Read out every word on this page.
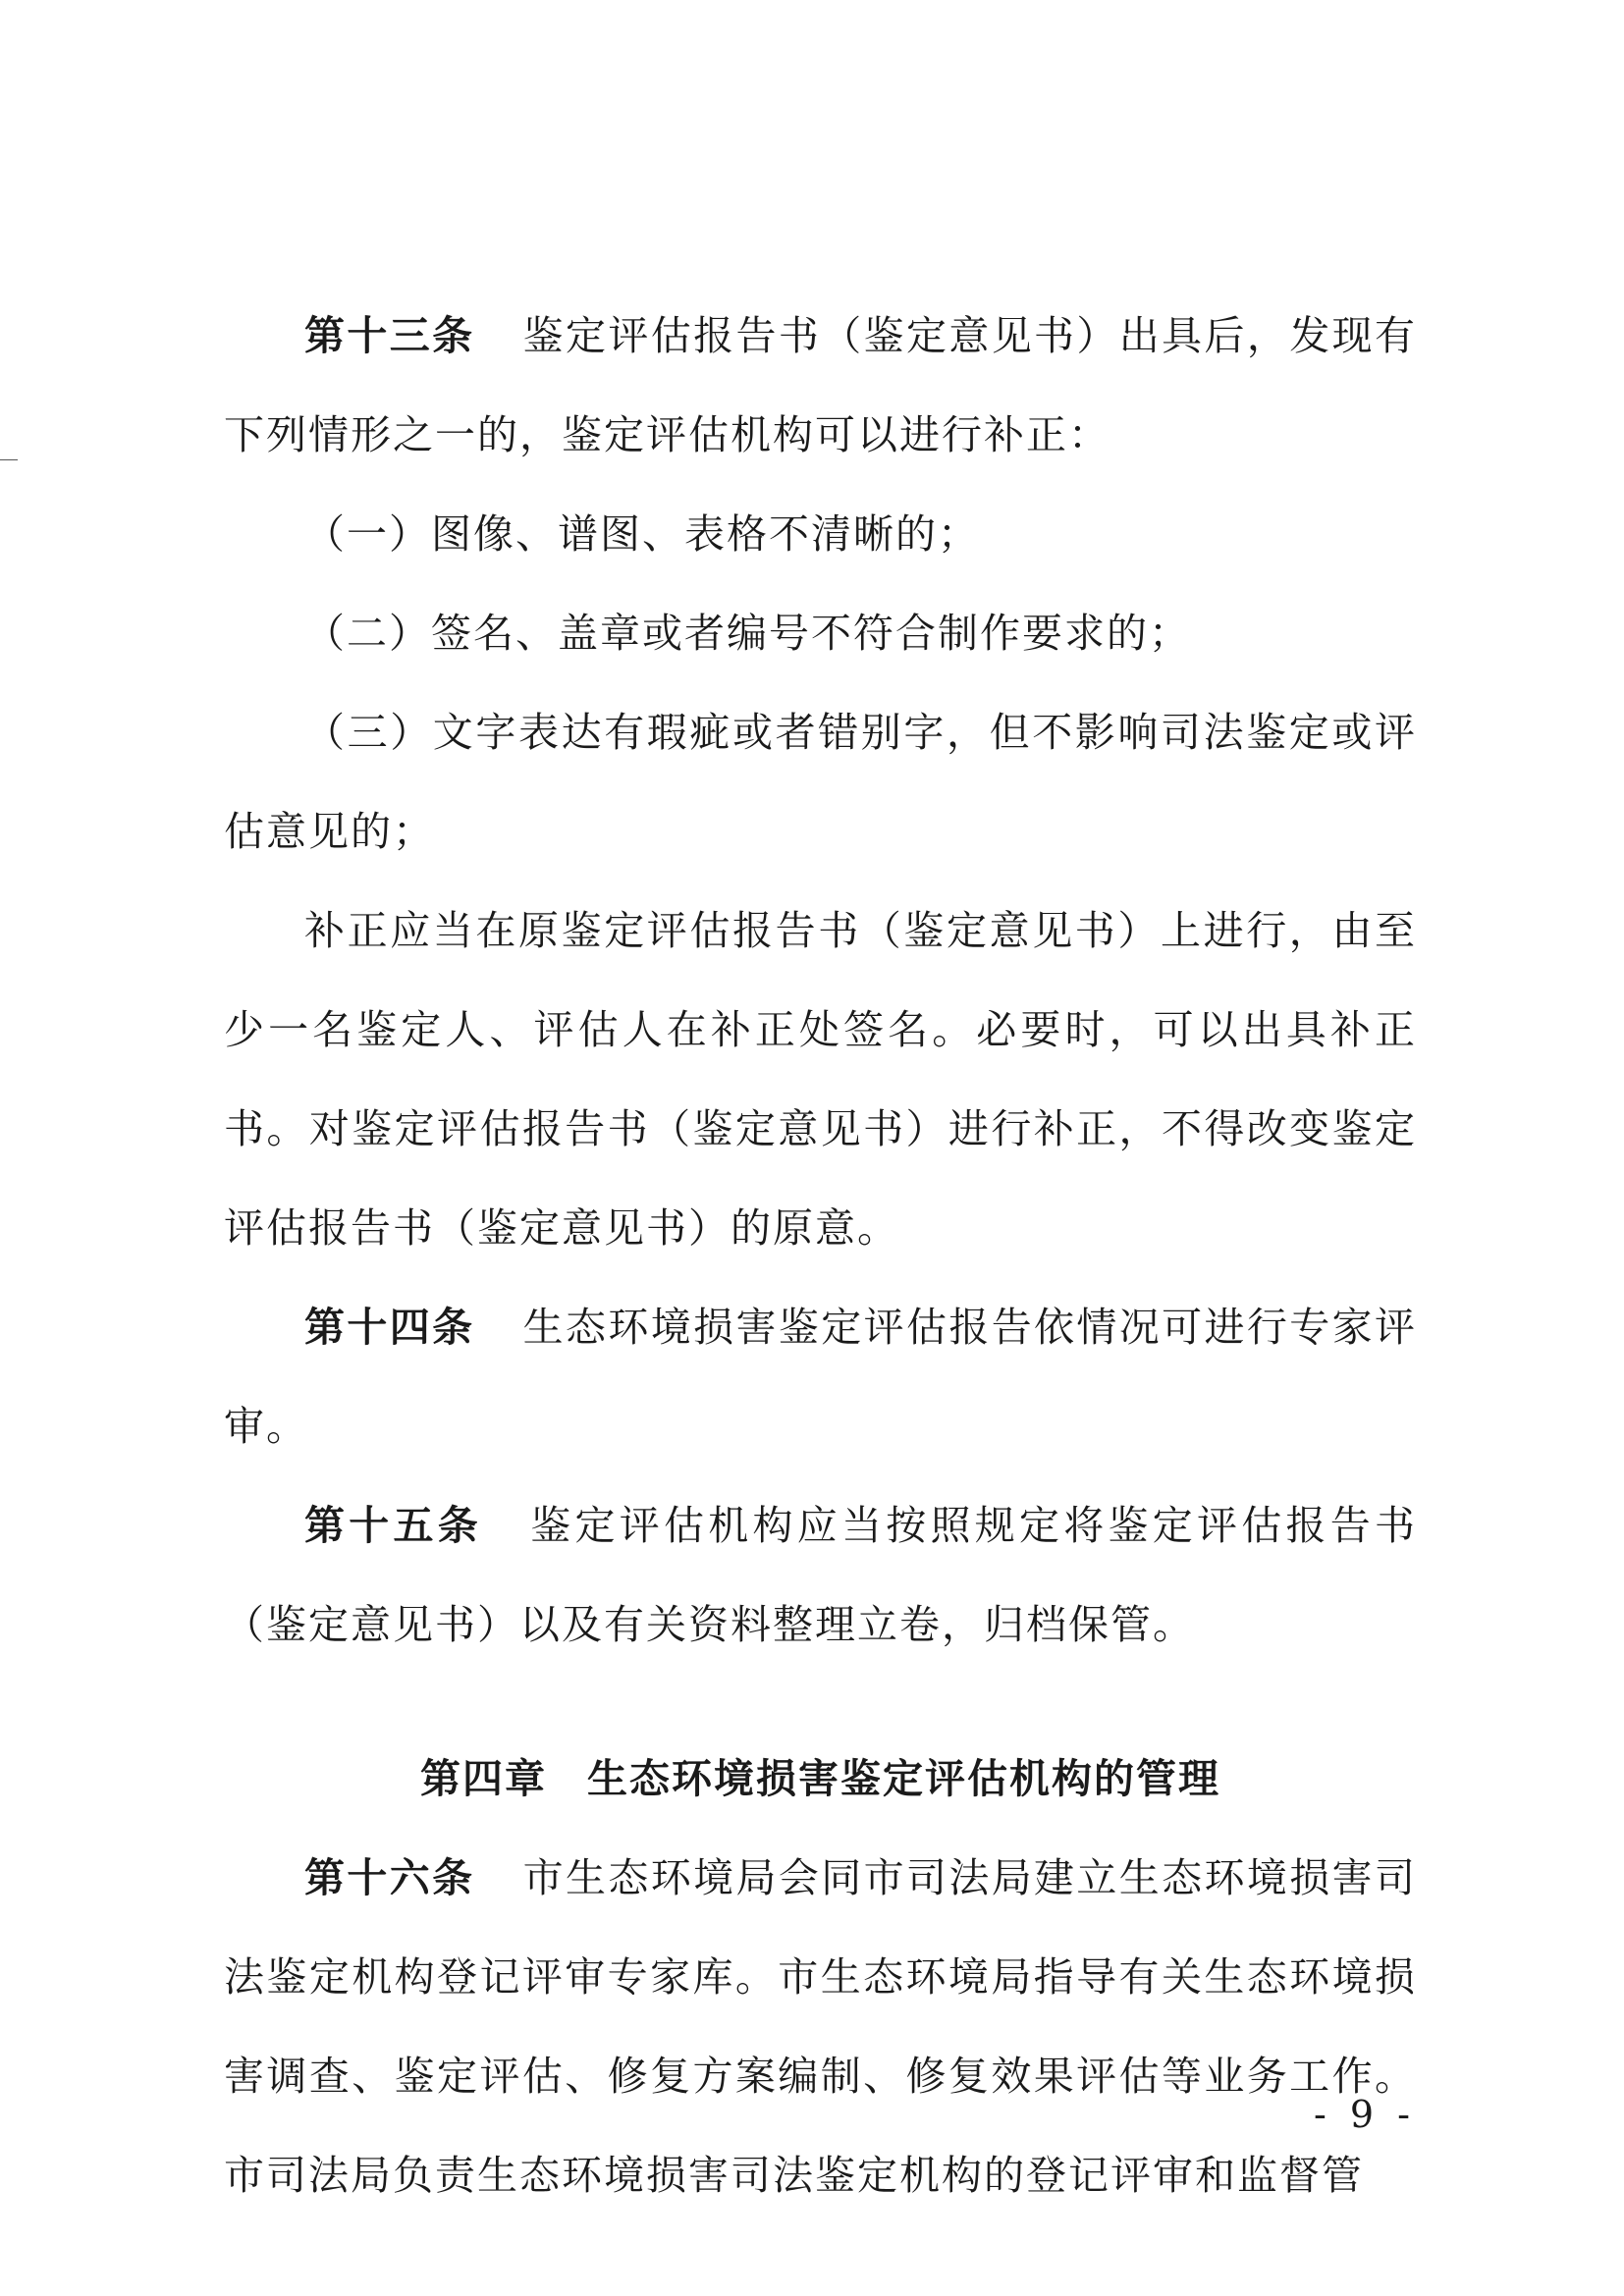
第十三条 鉴定评估报告书（鉴定意见书）出具后，发现有下列情形之一的，鉴定评估机构可以进行补正：

（一）图像、谱图、表格不清晰的；

（二）签名、盖章或者编号不符合制作要求的；

（三）文字表达有瑕疵或者错别字，但不影响司法鉴定或评估意见的；

补正应当在原鉴定评估报告书（鉴定意见书）上进行，由至少一名鉴定人、评估人在补正处签名。必要时，可以出具补正书。对鉴定评估报告书（鉴定意见书）进行补正，不得改变鉴定评估报告书（鉴定意见书）的原意。

第十四条 生态环境损害鉴定评估报告依情况可进行专家评审。

第十五条 鉴定评估机构应当按照规定将鉴定评估报告书（鉴定意见书）以及有关资料整理立卷，归档保管。

第四章 生态环境损害鉴定评估机构的管理

第十六条 市生态环境局会同市司法局建立生态环境损害司法鉴定机构登记评审专家库。市生态环境局指导有关生态环境损害调查、鉴定评估、修复方案编制、修复效果评估等业务工作。市司法局负责生态环境损害司法鉴定机构的登记评审和监督管

- 9 -
